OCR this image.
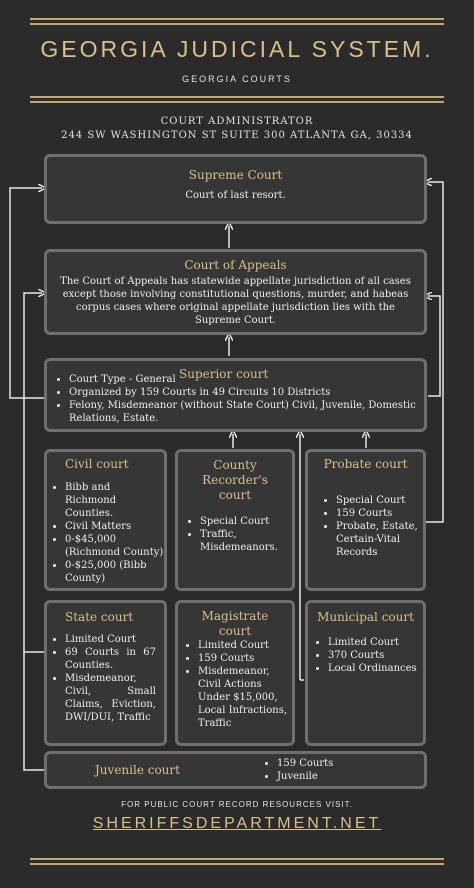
GEORGIA JUDICIAL SYSTEM.
GEORGIA COURTS
COURT ADMINISTRATOR
244 SW WASHINGTON ST SUITE 300 ATLANTA GA, 30334
Supreme Court
Court of last resort.
Court of Appeals
The Court of Appeals has statewide appellate jurisdiction of all cases except those involving constitutional questions, murder, and habeas corpus cases where original appellate jurisdiction lies with the Supreme Court.
Superior court
• Court Type - General
• Organized by 159 Courts in 49 Circuits 10 Districts
• Felony, Misdemeanor (without State Court) Civil, Juvenile, Domestic Relations, Estate.
Civil court
• Bibb and Richmond Counties.
• Civil Matters
• 0-$45,000 (Richmond County)
• 0-$25,000 (Bibb County)
County Recorder's court
• Special Court
• Traffic, Misdemeanors.
Probate court
• Special Court
• 159 Courts
• Probate, Estate, Certain-Vital Records
State court
• Limited Court
• 69 Courts in 67 Counties.
• Misdemeanor, Civil, Small Claims, Eviction, DWI/DUI, Traffic
Magistrate court
• Limited Court
• 159 Courts
• Misdemeanor, Civil Actions Under $15,000, Local Infractions, Traffic
Municipal court
• Limited Court
• 370 Courts
• Local Ordinances
Juvenile court
•	159 Courts
• Juvenile
FOR PUBLIC COURT RECORD RESOURCES VISIT.
SHERIFFSDEPARTMENT.NET
